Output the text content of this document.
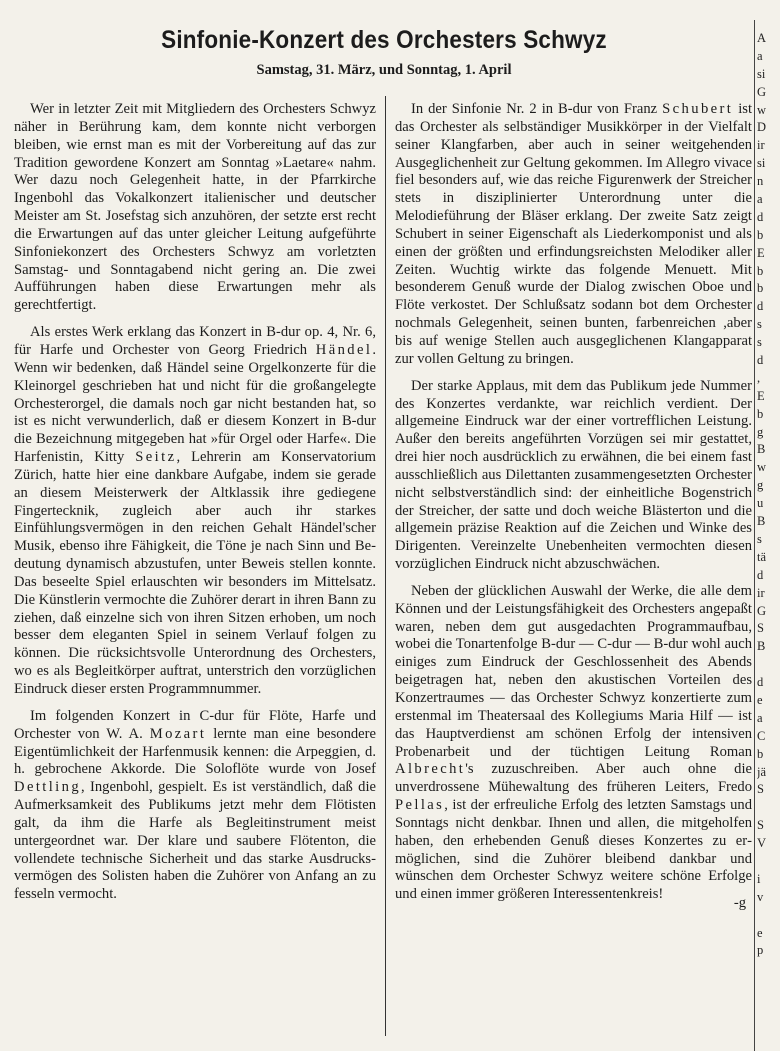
Sinfonie-Konzert des Orchesters Schwyz
Samstag, 31. März, und Sonntag, 1. April

Wer in letzter Zeit mit Mitgliedern des Orchesters Schwyz näher in Berührung kam, dem konnte nicht verborgen bleiben, wie ernst man es mit der Vorbereitung auf das zur Tradition gewordene Konzert am Sonntag »Laetare« nahm. Wer dazu noch Gelegenheit hatte, in der Pfarrkirche Ingenbohl das Vokalkonzert italienischer und deutscher Meister am St. Josefstag sich anzuhören, der setzte erst recht die Erwartungen auf das unter gleicher Leitung aufgeführte Sinfoniekonzert des Orchesters Schwyz am vorletzten Samstag- und Sonntagabend nicht gering an. Die zwei Aufführungen haben diese Erwartungen mehr als gerechtfertigt.

Als erstes Werk erklang das Konzert in B-dur op. 4, Nr. 6, für Harfe und Orchester von Georg Friedrich Händel. Wenn wir bedenken, daß Händel seine Orgelkonzerte für die Kleinorgel geschrieben hat und nicht für die großangelegte Orchesterorgel, die damals noch gar nicht bestanden hat, so ist es nicht verwunderlich, daß er diesem Konzert in B-dur die Bezeichnung mitgegeben hat »für Orgel oder Harfe«. Die Harfenistin, Kitty Seitz, Lehrerin am Konservatorium Zürich, hatte hier eine dankbare Aufgabe, indem sie gerade an diesem Meisterwerk der Altklassik ihre gediegene Fingertecknik, zugleich aber auch ihr starkes Einfühlungsvermögen in den reichen Gehalt Händel'scher Musik, ebenso ihre Fähigkeit, die Töne je nach Sinn und Bedeutung dynamisch abzustufen, unter Beweis stellen konnte. Das beseelte Spiel erlauschten wir besonders im Mittelsatz. Die Künstlerin vermochte die Zuhörer derart in ihren Bann zu ziehen, daß einzelne sich von ihren Sitzen erhoben, um noch besser dem eleganten Spiel in seinem Verlauf folgen zu können. Die rücksichtsvolle Unterordnung des Orchesters, wo es als Begleitkörper auftrat, unterstrich den vorzüglichen Eindruck dieser ersten Programmnummer.

Im folgenden Konzert in C-dur für Flöte, Harfe und Orchester von W. A. Mozart lernte man eine besondere Eigentümlichkeit der Harfenmusik kennen: die Arpeggien, d. h. gebrochene Akkorde. Die Soloflöte wurde von Josef Dettling, Ingenbohl, gespielt. Es ist verständlich, daß die Aufmerksamkeit des Publikums jetzt mehr dem Flötisten galt, da ihm die Harfe als Begleitinstrument meist untergeordnet war. Der klare und saubere Flötenton, die vollendete technische Sicherheit und das starke Ausdrucksvermögen des Solisten haben die Zuhörer von Anfang an zu fesseln vermocht.

In der Sinfonie Nr. 2 in B-dur von Franz Schubert ist das Orchester als selbständiger Musikkörper in der Vielfalt seiner Klangfarben, aber auch in seiner weitgehenden Ausgeglichenheit zur Geltung gekommen. Im Allegro vivace fiel besonders auf, wie das reiche Figurenwerk der Streicher stets in disziplinierter Unterordnung unter die Melodieführung der Bläser erklang. Der zweite Satz zeigt Schubert in seiner Eigenschaft als Liederkomponist und als einen der größten und erfindungsreichsten Melodiker aller Zeiten. Wuchtig wirkte das folgende Menuett. Mit besonderem Genuß wurde der Dialog zwischen Oboe und Flöte verkostet. Der Schlußsatz sodann bot dem Orchester nochmals Gelegenheit, seinen bunten, farbenreichen ,aber bis auf wenige Stellen auch ausgeglichenen Klangapparat zur vollen Geltung zu bringen.

Der starke Applaus, mit dem das Publikum jede Nummer des Konzertes verdankte, war reichlich verdient. Der allgemeine Eindruck war der einer vortrefflichen Leistung. Außer den bereits angeführten Vorzügen sei mir gestattet, drei hier noch ausdrücklich zu erwähnen, die bei einem fast ausschließlich aus Dilettanten zusammengesetzten Orchester nicht selbstverständlich sind: der einheitliche Bogenstrich der Streicher, der satte und doch weiche Blästerton und die allgemein präzise Reaktion auf die Zeichen und Winke des Dirigenten. Vereinzelte Unebenheiten vermochten diesen vorzüglichen Eindruck nicht abzuschwächen.

Neben der glücklichen Auswahl der Werke, die alle dem Können und der Leistungsfähigkeit des Orchesters angepaßt waren, neben dem gut ausgedachten Programmaufbau, wobei die Tonartenfolge B-dur — C-dur — B-dur wohl auch einiges zum Eindruck der Geschlossenheit des Abends beigetragen hat, neben den akustischen Vorteilen des Konzertraumes — das Orchester Schwyz konzertierte zum erstenmal im Theatersaal des Kollegiums Maria Hilf — ist das Hauptverdienst am schönen Erfolg der intensiven Probenarbeit und der tüchtigen Leitung Roman Albrecht's zuzuschreiben. Aber auch ohne die unverdrossene Mühewaltung des früheren Leiters, Fredo Pellas, ist der erfreuliche Erfolg des letzten Samstags und Sonntags nicht denkbar. Ihnen und allen, die mitgeholfen haben, den erhebenden Genuß dieses Konzertes zu ermöglichen, sind die Zuhörer bleibend dankbar und wünschen dem Orchester Schwyz weitere schöne Erfolge und einen immer größeren Interessentenkreis!

-g
A
a
si
G
w
D
ir
si
n
a
d
b
E
b
b
d
s
s
d
,
E
b
g
B
w
g
u
B
s
tä
d
ir
G
S
B
d
e
a
C
b
jä
S
S
V
i
v
e
p
